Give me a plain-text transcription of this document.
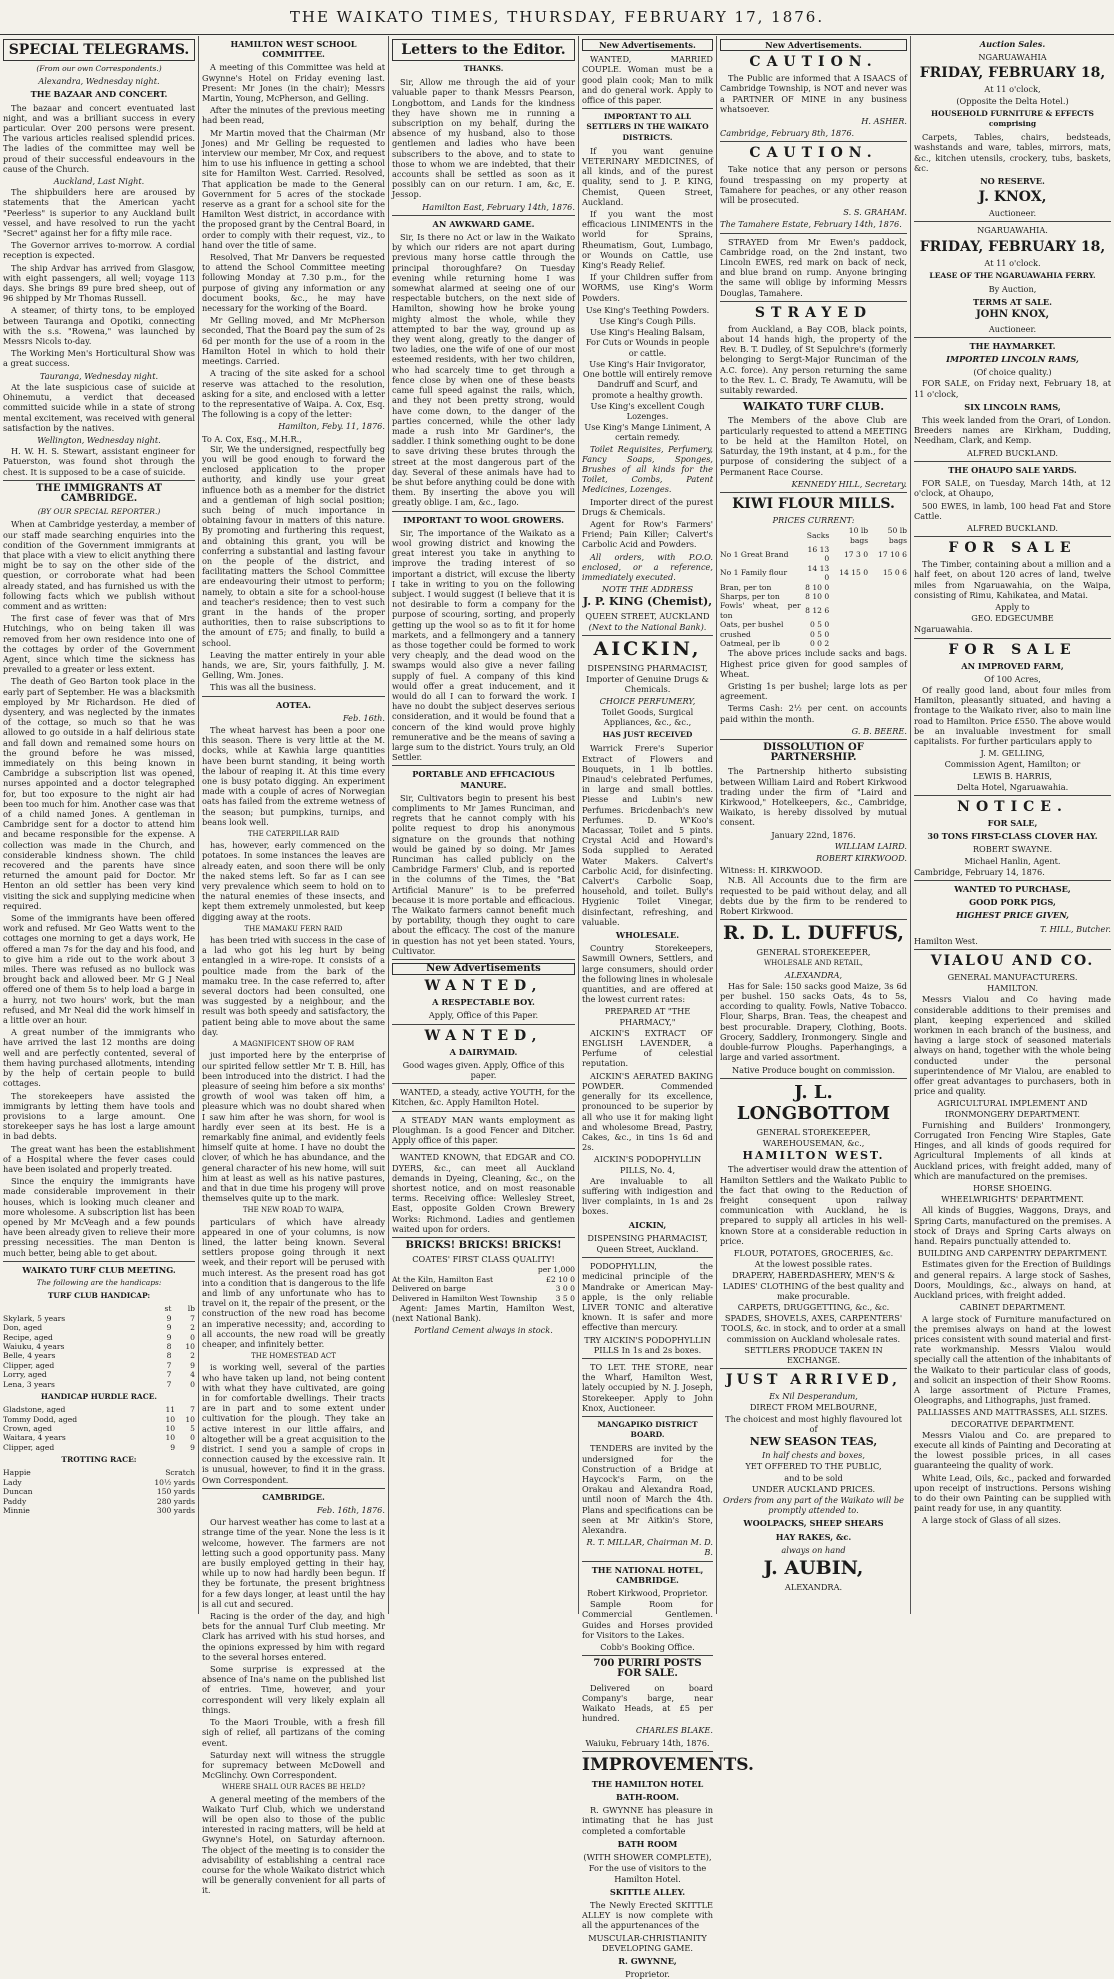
THE WAIKATO TIMES, THURSDAY, FEBRUARY 17, 1876.
SPECIAL TELEGRAMS.
(From our own Correspondents.)
Alexandra, Wednesday night.
THE BAZAAR AND CONCERT.

The bazaar and concert eventuated last night, and was a brilliant success in every particular. Over 200 persons were present. The various articles realised splendid prices. The ladies of the committee may well be proud of their successful endeavours in the cause of the Church.

Auckland, Last Night.

The shipbuilders here are aroused by statements that the American yacht "Peerless" is superior to any Auckland built vessel, and have resolved to run the yacht "Secret" against her for a fifty mile race.

The Governor arrives to-morrow. A cordial reception is expected.

The ship Ardvar has arrived from Glasgow, with eight passengers, all well; voyage 113 days. She brings 89 pure bred sheep, out of 96 shipped by Mr Thomas Russell.

A steamer, of thirty tons, to be employed between Tauranga and Opotiki, connecting with the s.s. "Rowena," was launched by Messrs Nicols to-day.

The Working Men's Horticultural Show was a great success.

Tauranga, Wednesday night.

At the late suspicious case of suicide at Ohinemutu, a verdict that deceased committed suicide while in a state of strong mental excitement, was received with general satisfaction by the natives.

Wellington, Wednesday night.

H. W. H. S. Stewart, assistant engineer for Patuerston, was found shot through the chest. It is supposed to be a case of suicide.

THE IMMIGRANTS AT CAMBRIDGE.
(BY OUR SPECIAL REPORTER.)

When at Cambridge yesterday, a member of our staff made searching enquiries into the condition of the Government immigrants at that place with a view to elicit anything there might be to say on the other side of the question, or corroborate what had been already stated, and has furnished us with the following facts which we publish without comment and as written:

The first case of fever was that of Mrs Hutchings, who on being taken ill was removed from her own residence into one of the cottages by order of the Government Agent, since which time the sickness has prevailed to a greater or less extent.

The death of Geo Barton took place in the early part of September. He was a blacksmith employed by Mr Richardson. He died of dysentery, and was neglected by the inmates of the cottage, so much so that he was allowed to go outside in a half delirious state and fall down and remained some hours on the ground before he was missed, immediately on this being known in Cambridge a subscription list was opened, nurses appointed and a doctor telegraphed for, but too exposure to the night air had been too much for him. Another case was that of a child named Jones. A gentleman in Cambridge sent for a doctor to attend him and became responsible for the expense. A collection was made in the Church, and considerable kindness shown. The child recovered and the parents have since returned the amount paid for Doctor. Mr Henton an old settler has been very kind visiting the sick and supplying medicine when required.

Some of the immigrants have been offered work and refused. Mr Geo Watts went to the cottages one morning to get a days work, He offered a man 7s for the day and his food, and to give him a ride out to the work about 3 miles. There was refused as no bullock was brought back and allowed beer. Mr G J Neal offered one of them 5s to help load a barge in a hurry, not two hours' work, but the man refused, and Mr Neal did the work himself in a little over an hour.

A great number of the immigrants who have arrived the last 12 months are doing well and are perfectly contented, several of them having purchased allotments, intending by the help of certain people to build cottages.

The storekeepers have assisted the immigrants by letting them have tools and provisions to a large amount. One storekeeper says he has lost a large amount in bad debts.

The great want has been the establishment of a Hospital where the fever cases could have been isolated and properly treated.

Since the enquiry the immigrants have made considerable improvement in their houses, which is looking much cleaner and more wholesome. A subscription list has been opened by Mr McVeagh and a few pounds have been already given to relieve their more pressing necessities. The man Denton is much better, being able to get about.

WAIKATO TURF CLUB MEETING.
The following are the handicaps:
TURF CLUB HANDICAP:
	st	lb
Skylark, 5 years	9	7
Don, aged	9	2
Recipe, aged	9	0
Waiuku, 4 years	8	10
Belle, 4 years	8	2
Clipper, aged	7	9
Lorry, aged	7	4
Lena, 3 years	7	0
HANDICAP HURDLE RACE.
Gladstone, aged	11	7
Tommy Dodd, aged	10	10
Crown, aged	10	5
Waitara, 4 years	10	0
Clipper, aged	9	9
TROTTING RACE:
Happie	Scratch
Lady	10½ yards
Duncan	150 yards
Paddy	280 yards
Minnie	300 yards
HAMILTON WEST SCHOOL COMMITTEE.

A meeting of this Committee was held at Gwynne's Hotel on Friday evening last. Present: Mr Jones (in the chair); Messrs Martin, Young, McPherson, and Gelling.

After the minutes of the previous meeting had been read,

Mr Martin moved that the Chairman (Mr Jones) and Mr Gelling be requested to interview our member, Mr Cox, and request him to use his influence in getting a school site for Hamilton West. Carried. Resolved, That application be made to the General Government for 5 acres of the stockade reserve as a grant for a school site for the Hamilton West district, in accordance with the proposed grant by the Central Board, in order to comply with their request, viz., to hand over the title of same.

Resolved, That Mr Danvers be requested to attend the School Committee meeting following Monday at 7.30 p.m., for the purpose of giving any information or any document books, &c., he may have necessary for the working of the Board.

Mr Gelling moved, and Mr McPherson seconded, That the Board pay the sum of 2s 6d per month for the use of a room in the Hamilton Hotel in which to hold their meetings. Carried.

A tracing of the site asked for a school reserve was attached to the resolution, asking for a site, and enclosed with a letter to the representative of Waipa. A. Cox, Esq. The following is a copy of the letter:

Hamilton, Feby. 11, 1876.
To A. Cox, Esq., M.H.R.,

Sir, We the undersigned, respectfully beg you will be good enough to forward the enclosed application to the proper authority, and kindly use your great influence both as a member for the district and a gentleman of high social position; such being of much importance in obtaining favour in matters of this nature. By promoting and furthering this request, and obtaining this grant, you will be conferring a substantial and lasting favour on the people of the district, and facilitating matters the School Committee are endeavouring their utmost to perform; namely, to obtain a site for a school-house and teacher's residence; then to vest such grant in the hands of the proper authorities, then to raise subscriptions to the amount of £75; and finally, to build a school.

Leaving the matter entirely in your able hands, we are, Sir, yours faithfully, J. M. Gelling, Wm. Jones.

This was all the business.

AOTEA.
Feb. 16th.

The wheat harvest has been a poor one this season. There is very little at the M. docks, while at Kawhia large quantities have been burnt standing, it being worth the labour of reaping it. At this time every one is busy potato digging. An experiment made with a couple of acres of Norwegian oats has failed from the extreme wetness of the season; but pumpkins, turnips, and beans look well.

THE CATERPILLAR RAID

has, however, early commenced on the potatoes. In some instances the leaves are already eaten, and soon there will be only the naked stems left. So far as I can see very prevalence which seem to hold on to the natural enemies of these insects, and kept them extremely unmolested, but keep digging away at the roots.

THE MAMAKU FERN RAID

has been tried with success in the case of a lad who got his leg hurt by being entangled in a wire-rope. It consists of a poultice made from the bark of the mamaku tree. In the case referred to, after several doctors had been consulted, one was suggested by a neighbour, and the result was both speedy and satisfactory, the patient being able to move about the same day.

A MAGNIFICENT SHOW OF RAM

just imported here by the enterprise of our spirited fellow settler Mr T. B. Hill, has been introduced into the district. I had the pleasure of seeing him before a six months' growth of wool was taken off him, a pleasure which was no doubt shared when I saw him after he was shorn, for wool is hardly ever seen at its best. He is a remarkably fine animal, and evidently feels himself quite at home. I have no doubt the clover, of which he has abundance, and the general character of his new home, will suit him at least as well as his native pastures, and that in due time his progeny will prove themselves quite up to the mark.

THE NEW ROAD TO WAIPA,

particulars of which have already appeared in one of your columns, is now lined, the latter being known. Several settlers propose going through it next week, and their report will be perused with much interest. As the present road has got into a condition that is dangerous to the life and limb of any unfortunate who has to travel on it, the repair of the present, or the construction of the new road has become an imperative necessity; and, according to all accounts, the new road will be greatly cheaper, and infinitely better.

THE HOMESTEAD ACT

is working well, several of the parties who have taken up land, not being content with what they have cultivated, are going in for comfortable dwellings. Their tracts are in part and to some extent under cultivation for the plough. They take an active interest in our little affairs, and altogether will be a great acquisition to the district. I send you a sample of crops in connection caused by the excessive rain. It is unusual, however, to find it in the grass. Own Correspondent.

CAMBRIDGE.
Feb. 16th, 1876.

Our harvest weather has come to last at a strange time of the year. None the less is it welcome, however. The farmers are not letting such a good opportunity pass. Many are busily employed getting in their hay, while up to now had hardly been begun. If they be fortunate, the present brightness for a few days longer, at least until the hay is all cut and secured.

Racing is the order of the day, and high bets for the annual Turf Club meeting. Mr Clark has arrived with his stud horses, and the opinions expressed by him with regard to the several horses entered.

Some surprise is expressed at the absence of Ina's name on the published list of entries. Time, however, and your correspondent will very likely explain all things.

To the Maori Trouble, with a fresh fill sigh of relief, all partizans of the coming event.

Saturday next will witness the struggle for supremacy between McDowell and McGlinchy. Own Correspondent.

WHERE SHALL OUR RACES BE HELD?

A general meeting of the members of the Waikato Turf Club, which we understand will be open also to those of the public interested in racing matters, will be held at Gwynne's Hotel, on Saturday afternoon. The object of the meeting is to consider the advisability of establishing a central race course for the whole Waikato district which will be generally convenient for all parts of it.

Letters to the Editor.
THANKS.

Sir, Allow me through the aid of your valuable paper to thank Messrs Pearson, Longbottom, and Lands for the kindness they have shown me in running a subscription on my behalf, during the absence of my husband, also to those gentlemen and ladies who have been subscribers to the above, and to state to those to whom we are indebted, that their accounts shall be settled as soon as it possibly can on our return. I am, &c, E. Jessop.

Hamilton East, February 14th, 1876.
AN AWKWARD GAME.

Sir, Is there no Act or law in the Waikato by which our riders are not apart during previous many horse cattle through the principal thoroughfare? On Tuesday evening while returning home I was somewhat alarmed at seeing one of our respectable butchers, on the next side of Hamilton, showing how he broke young mighty almost the whole, while they attempted to bar the way, ground up as they went along, greatly to the danger of two ladies, one the wife of one of our most esteemed residents, with her two children, who had scarcely time to get through a fence close by when one of these beasts came full speed against the rails, which, and they not been pretty strong, would have come down, to the danger of the parties concerned, while the other lady made a rush into Mr Gardiner's, the saddler. I think something ought to be done to save driving these brutes through the street at the most dangerous part of the day. Several of these animals have had to be shut before anything could be done with them. By inserting the above you will greatly oblige. I am, &c., Iago.

IMPORTANT TO WOOL GROWERS.

Sir, The importance of the Waikato as a wool growing district and knowing the great interest you take in anything to improve the trading interest of so important a district, will excuse the liberty I take in writing to you on the following subject. I would suggest (I believe that it is not desirable to form a company for the purpose of scouring, sorting, and properly getting up the wool so as to fit it for home markets, and a fellmongery and a tannery as those together could be formed to work very cheaply, and the dead wood on the swamps would also give a never failing supply of fuel. A company of this kind would offer a great inducement, and it would do all I can to forward the work. I have no doubt the subject deserves serious consideration, and it would be found that a concern of the kind would prove highly remunerative and be the means of saving a large sum to the district. Yours truly, an Old Settler.

PORTABLE AND EFFICACIOUS MANURE.

Sir, Cultivators begin to present his best compliments to Mr James Runciman, and regrets that he cannot comply with his polite request to drop his anonymous signature on the grounds that nothing would be gained by so doing. Mr James Runciman has called publicly on the Cambridge Farmers' Club, and is reported in the columns of the Times, the "Bat Artificial Manure" is to be preferred because it is more portable and efficacious. The Waikato farmers cannot benefit much by portability, though they ought to care about the efficacy. The cost of the manure in question has not yet been stated. Yours, Cultivator.

New Advertisements
WANTED,
A RESPECTABLE BOY.
Apply, Office of this Paper.
WANTED,
A DAIRYMAID.
Good wages given. Apply, Office of this paper.

WANTED, a steady, active YOUTH, for the Kitchen, &c. Apply Hamilton Hotel.

A STEADY MAN wants employment as Ploughman. Is a good Fencer and Ditcher. Apply office of this paper.

WANTED KNOWN, that EDGAR and CO. DYERS, &c., can meet all Auckland demands in Dyeing, Cleaning, &c., on the shortest notice, and on most reasonable terms. Receiving office: Wellesley Street, East, opposite Golden Crown Brewery Works: Richmond. Ladies and gentlemen waited upon for orders.

BRICKS! BRICKS! BRICKS!
COATES' FIRST CLASS QUALITY!
	per 1,000
At the Kiln, Hamilton East	£2 10 0
Delivered on barge	3 0 0
Delivered in Hamilton West Township	3 5 0

Agent: James Martin, Hamilton West, (next National Bank).

Portland Cement always in stock.
New Advertisements.

WANTED, MARRIED COUPLE. Woman must be a good plain cook; Man to milk and do general work. Apply to office of this paper.

IMPORTANT TO ALL SETTLERS IN THE WAIKATO DISTRICTS.

If you want genuine VETERINARY MEDICINES, of all kinds, and of the purest quality, send to J. P. KING, Chemist, Queen Street, Auckland.

If you want the most efficacious LINIMENTS in the world for Sprains, Rheumatism, Gout, Lumbago, or Wounds on Cattle, use King's Ready Relief.

If your Children suffer from WORMS, use King's Worm Powders.

Use King's Teething Powders.
Use King's Cough Pills.
Use King's Healing Balsam, For Cuts or Wounds in people or cattle.
Use King's Hair Invigorator, One bottle will entirely remove Dandruff and Scurf, and promote a healthy growth.
Use King's excellent Cough Lozenges.
Use King's Mange Liniment, A certain remedy.

Toilet Requisites, Perfumery, Fancy Soaps, Sponges, Brushes of all kinds for the Toilet, Combs, Patent Medicines, Lozenges.

Importer direct of the purest Drugs & Chemicals.

Agent for Row's Farmers' Friend; Pain Killer; Calvert's Carbolic Acid and Powders.

All orders, with P.O.O. enclosed, or a reference, immediately executed.

NOTE THE ADDRESS
J. P. KING (Chemist),
QUEEN STREET, AUCKLAND
(Next to the National Bank).
AICKIN,
DISPENSING PHARMACIST,
Importer of Genuine Drugs & Chemicals.
CHOICE PERFUMERY,
Toilet Goods, Surgical Appliances, &c., &c.,
HAS JUST RECEIVED

Warrick Frere's Superior Extract of Flowers and Bouquets, in 1 lb bottles. Pinaud's celebrated Perfumes, in large and small bottles. Piesse and Lubin's new Perfumes. Bricdenbach's new Perfumes. D. W'Koo's Macassar, Toilet and 5 pints. Crystal Acid and Howard's Soda supplied to Aerated Water Makers. Calvert's Carbolic Acid, for disinfecting. Calvert's Carbolic Soap, household, and toilet. Bully's Hygienic Toilet Vinegar, disinfectant, refreshing, and valuable.

WHOLESALE.

Country Storekeepers, Sawmill Owners, Settlers, and large consumers, should order the following lines in wholesale quantities, and are offered at the lowest current rates:

PREPARED AT "THE PHARMACY,"

AICKIN'S EXTRACT OF ENGLISH LAVENDER, a Perfume of celestial reputation.

AICKIN'S AERATED BAKING POWDER. Commended generally for its excellence, pronounced to be superior by all who use it for making light and wholesome Bread, Pastry, Cakes, &c., in tins 1s 6d and 2s.

AICKIN'S PODOPHYLLIN PILLS, No. 4,

Are invaluable to all suffering with indigestion and liver complaints, in 1s and 2s boxes.

AICKIN,
DISPENSING PHARMACIST,
Queen Street, Auckland.

PODOPHYLLIN, the medicinal principle of the Mandrake or American May-apple, is the only reliable LIVER TONIC and alterative known. It is safer and more effective than mercury.

TRY AICKIN'S PODOPHYLLIN PILLS In 1s and 2s boxes.

TO LET. THE STORE, near the Wharf, Hamilton West, lately occupied by N. J. Joseph, Storekeeper. Apply to John Knox, Auctioneer.

MANGAPIKO DISTRICT BOARD.

TENDERS are invited by the undersigned for the Construction of a Bridge at Haycock's Farm, on the Orakau and Alexandra Road, until noon of March the 4th. Plans and specifications can be seen at Mr Aitkin's Store, Alexandra.

R. T. MILLAR, Chairman M. D. B.
THE NATIONAL HOTEL, CAMBRIDGE.
Robert Kirkwood, Proprietor.

Sample Room for Commercial Gentlemen. Guides and Horses provided for Visitors to the Lakes.

Cobb's Booking Office.
700 PURIRI POSTS FOR SALE.

Delivered on board Company's barge, near Waikato Heads, at £5 per hundred.

CHARLES BLAKE.
Waiuku, February 14th, 1876.
IMPROVEMENTS.
THE HAMILTON HOTEL
BATH-ROOM.

R. GWYNNE has pleasure in intimating that he has just completed a comfortable

BATH ROOM
(WITH SHOWER COMPLETE),
For the use of visitors to the Hamilton Hotel.
SKITTLE ALLEY.

The Newly Erected SKITTLE ALLEY is now complete with all the appurtenances of the

MUSCULAR-CHRISTIANITY DEVELOPING GAME.
R. GWYNNE,
Proprietor.
New Advertisements.
CAUTION.

The Public are informed that A ISAACS of Cambridge Township, is NOT and never was a PARTNER OF MINE in any business whatsoever.

H. ASHER.
Cambridge, February 8th, 1876.
CAUTION.

Take notice that any person or persons found trespassing on my property at Tamahere for peaches, or any other reason will be prosecuted.

S. S. GRAHAM.
The Tamahere Estate, February 14th, 1876.

STRAYED from Mr Ewen's paddock, Cambridge road, on the 2nd instant, two Lincoln EWES, red mark on back of neck, and blue brand on rump. Anyone bringing the same will oblige by informing Messrs Douglas, Tamahere.

STRAYED

from Auckland, a Bay COB, black points, about 14 hands high, the property of the Rev. B. T. Dudley, of St Sepulchre's (formerly belonging to Sergt-Major Runciman of the A.C. force). Any person returning the same to the Rev. L. C. Brady, Te Awamutu, will be suitably rewarded.

WAIKATO TURF CLUB.

The Members of the above Club are particularly requested to attend a MEETING to be held at the Hamilton Hotel, on Saturday, the 19th instant, at 4 p.m., for the purpose of considering the subject of a Permanent Race Course.

KENNEDY HILL, Secretary.
KIWI FLOUR MILLS.
PRICES CURRENT:
	Sacks	10 lb bags	50 lb bags
No 1 Great Brand	16 13 0	17 3 0	17 10 6
No 1 Family flour	14 13 0	14 15 0	15 0 6
Bran, per ton	8 10 0		
Sharps, per ton	8 10 0		
Fowls' wheat, per ton	8 12 6		
Oats, per bushel	0 5 0		
crushed	0 5 0		
Oatmeal, per lb	0 0 2		

The above prices include sacks and bags. Highest price given for good samples of Wheat.

Gristing 1s per bushel; large lots as per agreement.

Terms Cash: 2½ per cent. on accounts paid within the month.

G. B. BEERE.
DISSOLUTION OF PARTNERSHIP.

The Partnership hitherto subsisting between William Laird and Robert Kirkwood trading under the firm of "Laird and Kirkwood," Hotelkeepers, &c., Cambridge, Waikato, is hereby dissolved by mutual consent.

January 22nd, 1876.
WILLIAM LAIRD.
ROBERT KIRKWOOD.
Witness: H. KIRKWOOD.

N.B. All Accounts due to the firm are requested to be paid without delay, and all debts due by the firm to be rendered to Robert Kirkwood.

R. D. L. DUFFUS,
GENERAL STOREKEEPER,
WHOLESALE AND RETAIL,
ALEXANDRA,

Has for Sale: 150 sacks good Maize, 3s 6d per bushel. 150 sacks Oats, 4s to 5s, according to quality. Fowls, Native Tobacco. Flour, Sharps, Bran. Teas, the cheapest and best procurable. Drapery, Clothing, Boots. Grocery, Saddlery, Ironmongery. Single and double-furrow Ploughs. Paperhangings, a large and varied assortment.

Native Produce bought on commission.
J. L. LONGBOTTOM
GENERAL STOREKEEPER,
WAREHOUSEMAN, &c.,
HAMILTON WEST.

The advertiser would draw the attention of Hamilton Settlers and the Waikato Public to the fact that owing to the Reduction of freight consequent upon railway communication with Auckland, he is prepared to supply all articles in his well-known Store at a considerable reduction in price.

FLOUR, POTATOES, GROCERIES, &c.
At the lowest possible rates.
DRAPERY, HABERDASHERY, MEN'S & LADIES' CLOTHING of the best quality and make procurable.
CARPETS, DRUGGETTING, &c., &c.
SPADES, SHOVELS, AXES, CARPENTERS' TOOLS, &c. in stock, and to order at a small commission on Auckland wholesale rates.
SETTLERS PRODUCE TAKEN IN EXCHANGE.
JUST ARRIVED,
Ex Nil Desperandum,
DIRECT FROM MELBOURNE,
The choicest and most highly flavoured lot of
NEW SEASON TEAS,
In half chests and boxes,
YET OFFERED TO THE PUBLIC,
and to be sold
UNDER AUCKLAND PRICES.
Orders from any part of the Waikato will be promptly attended to.
WOOLPACKS, SHEEP SHEARS
HAY RAKES, &c.
always on hand
J. AUBIN,
ALEXANDRA.
Auction Sales.
NGARUAWAHIA
FRIDAY, FEBRUARY 18,
At 11 o'clock,
(Opposite the Delta Hotel.)
HOUSEHOLD FURNITURE & EFFECTS comprising

Carpets, Tables, chairs, bedsteads, washstands and ware, tables, mirrors, mats, &c., kitchen utensils, crockery, tubs, baskets, &c.

NO RESERVE.
J. KNOX,
Auctioneer.
NGARUAWAHIA.
FRIDAY, FEBRUARY 18,
At 11 o'clock.
LEASE OF THE NGARUAWAHIA FERRY.
By Auction,
TERMS AT SALE.
JOHN KNOX,
Auctioneer.
THE HAYMARKET.
IMPORTED LINCOLN RAMS,
(Of choice quality.)

FOR SALE, on Friday next, February 18, at 11 o'clock,

SIX LINCOLN RAMS,

This week landed from the Orari, of London. Breeders names are Kirkham, Dudding, Needham, Clark, and Kemp.

ALFRED BUCKLAND.
THE OHAUPO SALE YARDS.

FOR SALE, on Tuesday, March 14th, at 12 o'clock, at Ohaupo,

500 EWES, in lamb, 100 head Fat and Store Cattle.

ALFRED BUCKLAND.
FOR SALE

The Timber, containing about a million and a half feet, on about 120 acres of land, twelve miles from Ngaruawahia, on the Waipa, consisting of Rimu, Kahikatea, and Matai.

Apply to
GEO. EDGECUMBE
Ngaruawahia.
FOR SALE
AN IMPROVED FARM,
Of 100 Acres,

Of really good land, about four miles from Hamilton, pleasantly situated, and having a frontage to the Waikato river, also to main line road to Hamilton. Price £550. The above would be an invaluable investment for small capitalists. For further particulars apply to

J. M. GELLING,
Commission Agent, Hamilton; or
LEWIS B. HARRIS,
Delta Hotel, Ngaruawahia.
NOTICE.
FOR SALE,
30 TONS FIRST-CLASS CLOVER HAY.
ROBERT SWAYNE.
Michael Hanlin, Agent.
Cambridge, February 14, 1876.
WANTED TO PURCHASE,
GOOD PORK PIGS,
HIGHEST PRICE GIVEN,
T. HILL, Butcher.
Hamilton West.
VIALOU AND CO.
GENERAL MANUFACTURERS.
HAMILTON.

Messrs Vialou and Co having made considerable additions to their premises and plant, keeping experienced and skilled workmen in each branch of the business, and having a large stock of seasoned materials always on hand, together with the whole being conducted under the personal superintendence of Mr Vialou, are enabled to offer great advantages to purchasers, both in price and quality.

AGRICULTURAL IMPLEMENT AND IRONMONGERY DEPARTMENT.

Furnishing and Builders' Ironmongery, Corrugated Iron Fencing Wire Staples, Gate Hinges, and all kinds of goods required for Agricultural Implements of all kinds at Auckland prices, with freight added, many of which are manufactured on the premises.

HORSE SHOEING.
WHEELWRIGHTS' DEPARTMENT.

All kinds of Buggies, Waggons, Drays, and Spring Carts, manufactured on the premises. A stock of Drays and Spring Carts always on hand. Repairs punctually attended to.

BUILDING AND CARPENTRY DEPARTMENT.

Estimates given for the Erection of Buildings and general repairs. A large stock of Sashes, Doors, Mouldings, &c., always on hand, at Auckland prices, with freight added.

CABINET DEPARTMENT.

A large stock of Furniture manufactured on the premises always on hand at the lowest prices consistent with sound material and first-rate workmanship. Messrs Vialou would specially call the attention of the inhabitants of the Waikato to their particular class of goods, and solicit an inspection of their Show Rooms. A large assortment of Picture Frames, Oleographs, and Lithographs, just framed.

PALLIASSES AND MATTRASSES, ALL SIZES.
DECORATIVE DEPARTMENT.

Messrs Vialou and Co. are prepared to execute all kinds of Painting and Decorating at the lowest possible prices, in all cases guaranteeing the quality of work.

White Lead, Oils, &c., packed and forwarded upon receipt of instructions. Persons wishing to do their own Painting can be supplied with paint ready for use, in any quantity.

A large stock of Glass of all sizes.
